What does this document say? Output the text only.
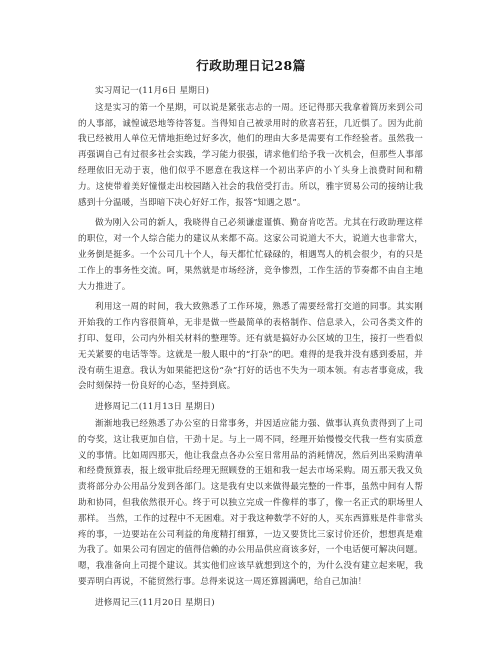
行政助理日记28篇
实习周记一(11月6日 星期日)

这是实习的第一个星期，可以说是紧张志忐的一周。还记得那天我拿着简历来到公司的人事部，诚惶诚恐地等待答复。当得知自己被录用时的欣喜若狂，几近惧了。因为此前我已经被用人单位无情地拒绝过好多次，他们的理由大多是需要有工作经验者。虽然我一再强调自己有过很多社会实践，学习能力很强，请求他们给予我一次机会，但那些人事部经理依旧无动于衷，他们似乎不愿意在我这样一个初出茅庐的小丫头身上浪费时间和精力。这使带着美好憧憬走出校园踏入社会的我倍受打击。所以，雅宇贸易公司的接纳让我感到十分温暖，当即暗下决心好好工作，报答“知遇之恩”。

做为刚入公司的新人，我晓得自己必须谦虚谨慎、勤奋肯吃苦。尤其在行政助理这样的职位，对一个人综合能力的建议从来都不高。这家公司说道大不大，说道大也非常大，业务倒是挺多。一个公司几十个人，每天都忙忙碌碌的，相遇骂人的机会很少，有的只是工作上的事务性交流。呵，果然就是市场经济，竞争惨烈，工作生活的节奏都不由自主地大力推进了。

利用这一周的时间，我大致熟悉了工作环境，熟悉了需要经常打交道的同事。其实刚开始我的工作内容很简单，无非是做一些最简单的表格制作、信息录入，公司各类文件的打印、复印，公司内外相关材料的整理等。还有就是搞好办公区域的卫生，接打一些看似无关紧要的电话等等。这就是一般人眼中的“打杂”的吧。难得的是我并没有感到委屈，并没有萌生退意。我认为如果能把这份“杂”打好的话也不失为一项本领。有志者事竟成，我会时刻保持一份良好的心态，坚持到底。

进修周记二(11月13日 星期日)

渐渐地我已经熟悉了办公室的日常事务，并因适应能力强、做事认真负责得到了上司的夸奖，这让我更加自信，干劲十足。与上一周不同，经理开始慢慢交代我一些有实质意义的事情。比如周四那天，他让我盘点各办公室日常用品的消耗情况，然后列出采购清单和经费预算表，报上级审批后经理无照顾登的王姐和我一起去市场采购。周五那天我又负责将部分办公用品分发到各部门。这是我有史以来做得最完整的一件事，虽然中间有人帮助和协同，但我依然很开心。终于可以独立完成一件像样的事了，像一名正式的职场里人那样。 当然，工作的过程中不无困难。对于我这种数学不好的人，买东西算账是件非常头疼的事，一边要站在公司利益的角度精打细算，一边又要货比三家讨价还价，想想真是难为我了。如果公司有固定的值得信赖的办公用品供应商该多好，一个电话便可解决问题。嗯，我准备向上司提个建议。其实他们应该早就想到这个的，为什么没有建立起来呢，我要弄明白再说，不能贸然行事。总得来说这一周还算圆满吧，给自己加油！

进修周记三(11月20日 星期日)
